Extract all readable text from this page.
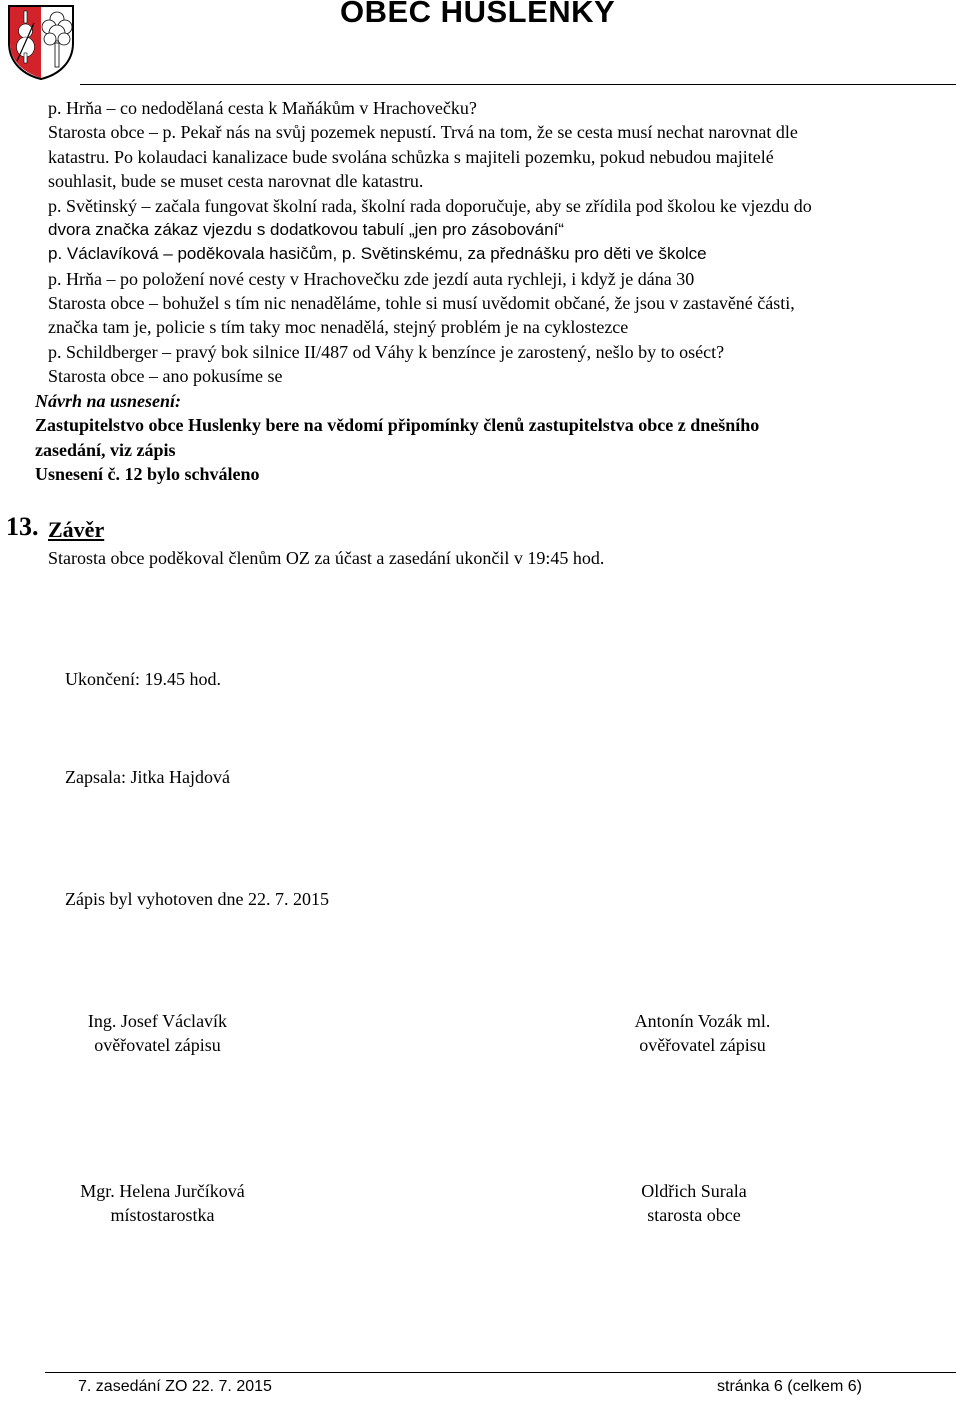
OBEC HUSLENKY
p. Hrňa – co nedodělaná cesta k Maňákům v Hrachovečku?
Starosta obce – p. Pekař nás na svůj pozemek nepustí. Trvá na tom, že se cesta musí nechat narovnat dle
katastru. Po kolaudaci kanalizace bude svolána schůzka s majiteli pozemku, pokud nebudou majitelé
souhlasit, bude se muset cesta narovnat dle katastru.
p. Světinský – začala fungovat školní rada, školní rada doporučuje, aby se zřídila pod školou ke vjezdu do
dvora značka zákaz vjezdu s dodatkovou tabulí „jen pro zásobování“
p. Václavíková – poděkovala hasičům, p. Světinskému, za přednášku pro děti ve školce
p. Hrňa – po položení nové cesty v Hrachovečku zde jezdí auta rychleji, i když je dána 30
Starosta obce – bohužel s tím nic nenaděláme, tohle si musí uvědomit občané, že jsou v zastavěné části,
značka tam je, policie s tím taky moc nenadělá, stejný problém je na cyklostezce
p. Schildberger – pravý bok silnice II/487 od Váhy k benzínce je zarostený, nešlo by to oséct?
Starosta obce – ano pokusíme se
Návrh na usnesení:
Zastupitelstvo obce Huslenky bere na vědomí připomínky členů zastupitelstva obce z dnešního
zasedání, viz zápis
Usnesení č. 12 bylo schváleno
13. Závěr
Starosta obce poděkoval členům OZ za účast a zasedání ukončil v 19:45 hod.
Ukončení: 19.45 hod.
Zapsala: Jitka Hajdová
Zápis byl vyhotoven dne 22. 7. 2015
Ing. Josef Václavík
ověřovatel zápisu
Antonín Vozák ml.
ověřovatel zápisu
Mgr. Helena Jurčíková
místostarostka
Oldřich Surala
starosta obce
7. zasedání ZO 22. 7. 2015	stránka 6 (celkem 6)
